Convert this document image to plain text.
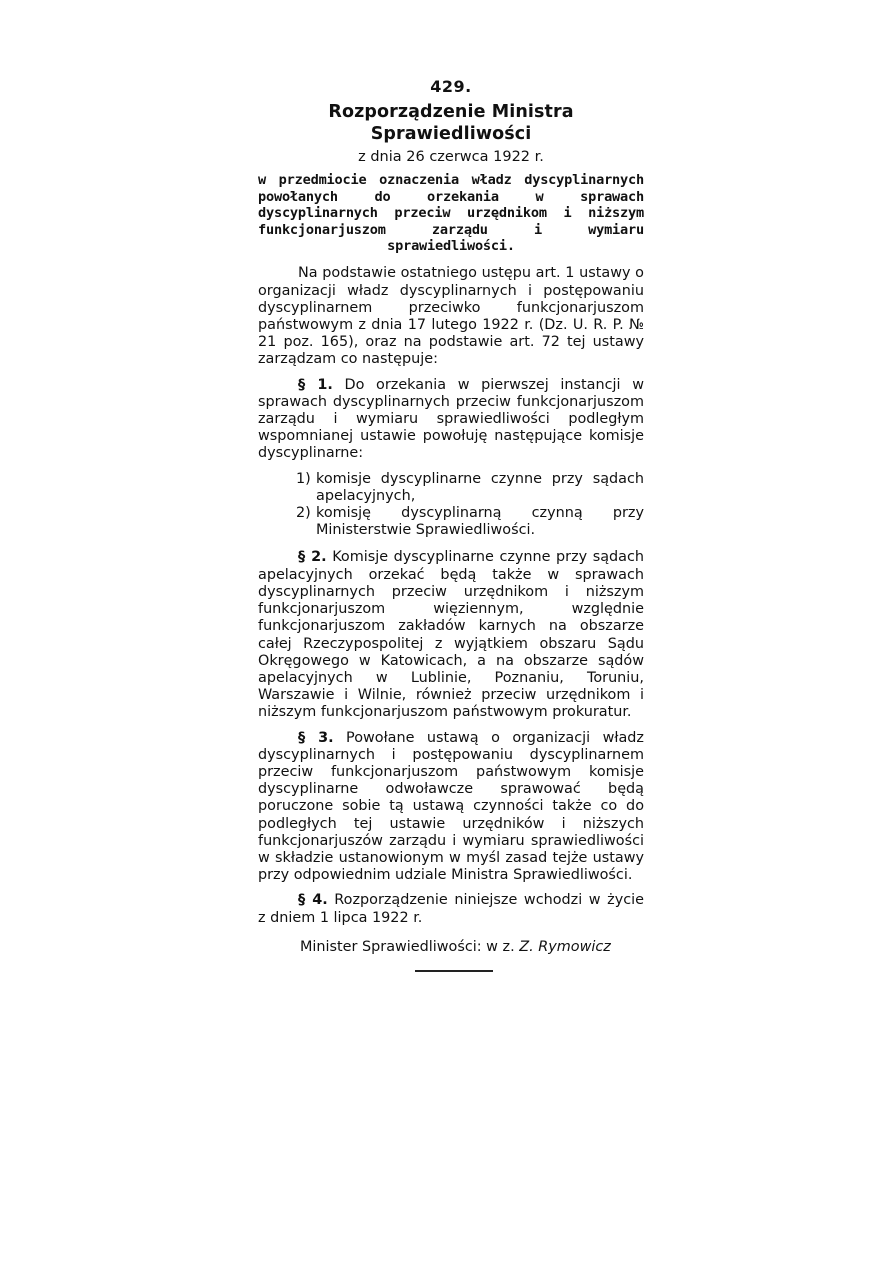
429.
Rozporządzenie Ministra Sprawiedliwości
z dnia 26 czerwca 1922 r.
w przedmiocie oznaczenia władz dyscyplinarnych powołanych do orzekania w sprawach dyscyplinarnych przeciw urzędnikom i niższym funkcjonarjuszom zarządu i wymiaru sprawiedliwości.

Na podstawie ostatniego ustępu art. 1 ustawy o organizacji władz dyscyplinarnych i postępowaniu dyscyplinarnem przeciwko funkcjonarjuszom państwowym z dnia 17 lutego 1922 r. (Dz. U. R. P. № 21 poz. 165), oraz na podstawie art. 72 tej ustawy zarządzam co następuje:

§ 1. Do orzekania w pierwszej instancji w sprawach dyscyplinarnych przeciw funkcjonarjuszom zarządu i wymiaru sprawiedliwości podległym wspomnianej ustawie powołuję następujące komisje dyscyplinarne:

1) komisje dyscyplinarne czynne przy sądach apelacyjnych,
2) komisję dyscyplinarną czynną przy Ministerstwie Sprawiedliwości.

§ 2. Komisje dyscyplinarne czynne przy sądach apelacyjnych orzekać będą także w sprawach dyscyplinarnych przeciw urzędnikom i niższym funkcjonarjuszom więziennym, względnie funkcjonarjuszom zakładów karnych na obszarze całej Rzeczypospolitej z wyjątkiem obszaru Sądu Okręgowego w Katowicach, a na obszarze sądów apelacyjnych w Lublinie, Poznaniu, Toruniu, Warszawie i Wilnie, również przeciw urzędnikom i niższym funkcjonarjuszom państwowym prokuratur.

§ 3. Powołane ustawą o organizacji władz dyscyplinarnych i postępowaniu dyscyplinarnem przeciw funkcjonarjuszom państwowym komisje dyscyplinarne odwoławcze sprawować będą poruczone sobie tą ustawą czynności także co do podległych tej ustawie urzędników i niższych funkcjonarjuszów zarządu i wymiaru sprawiedliwości w składzie ustanowionym w myśl zasad tejże ustawy przy odpowiednim udziale Ministra Sprawiedliwości.

§ 4. Rozporządzenie niniejsze wchodzi w życie z dniem 1 lipca 1922 r.

Minister Sprawiedliwości: w z. Z. Rymowicz
